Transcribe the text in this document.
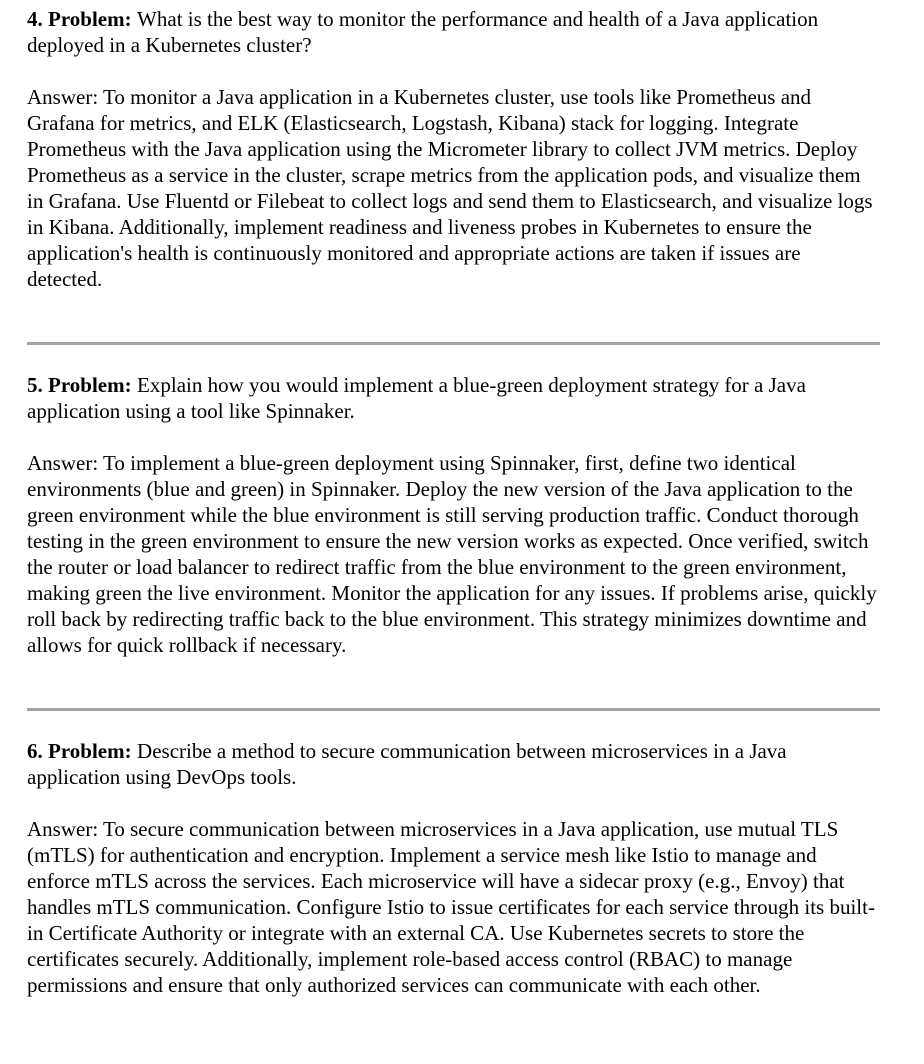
4. Problem: What is the best way to monitor the performance and health of a Java application deployed in a Kubernetes cluster?

Answer: To monitor a Java application in a Kubernetes cluster, use tools like Prometheus and Grafana for metrics, and ELK (Elasticsearch, Logstash, Kibana) stack for logging. Integrate Prometheus with the Java application using the Micrometer library to collect JVM metrics. Deploy Prometheus as a service in the cluster, scrape metrics from the application pods, and visualize them in Grafana. Use Fluentd or Filebeat to collect logs and send them to Elasticsearch, and visualize logs in Kibana. Additionally, implement readiness and liveness probes in Kubernetes to ensure the application's health is continuously monitored and appropriate actions are taken if issues are detected.

5. Problem: Explain how you would implement a blue-green deployment strategy for a Java application using a tool like Spinnaker.

Answer: To implement a blue-green deployment using Spinnaker, first, define two identical environments (blue and green) in Spinnaker. Deploy the new version of the Java application to the green environment while the blue environment is still serving production traffic. Conduct thorough testing in the green environment to ensure the new version works as expected. Once verified, switch the router or load balancer to redirect traffic from the blue environment to the green environment, making green the live environment. Monitor the application for any issues. If problems arise, quickly roll back by redirecting traffic back to the blue environment. This strategy minimizes downtime and allows for quick rollback if necessary.

6. Problem: Describe a method to secure communication between microservices in a Java application using DevOps tools.

Answer: To secure communication between microservices in a Java application, use mutual TLS (mTLS) for authentication and encryption. Implement a service mesh like Istio to manage and enforce mTLS across the services. Each microservice will have a sidecar proxy (e.g., Envoy) that handles mTLS communication. Configure Istio to issue certificates for each service through its built-in Certificate Authority or integrate with an external CA. Use Kubernetes secrets to store the certificates securely. Additionally, implement role-based access control (RBAC) to manage permissions and ensure that only authorized services can communicate with each other.
